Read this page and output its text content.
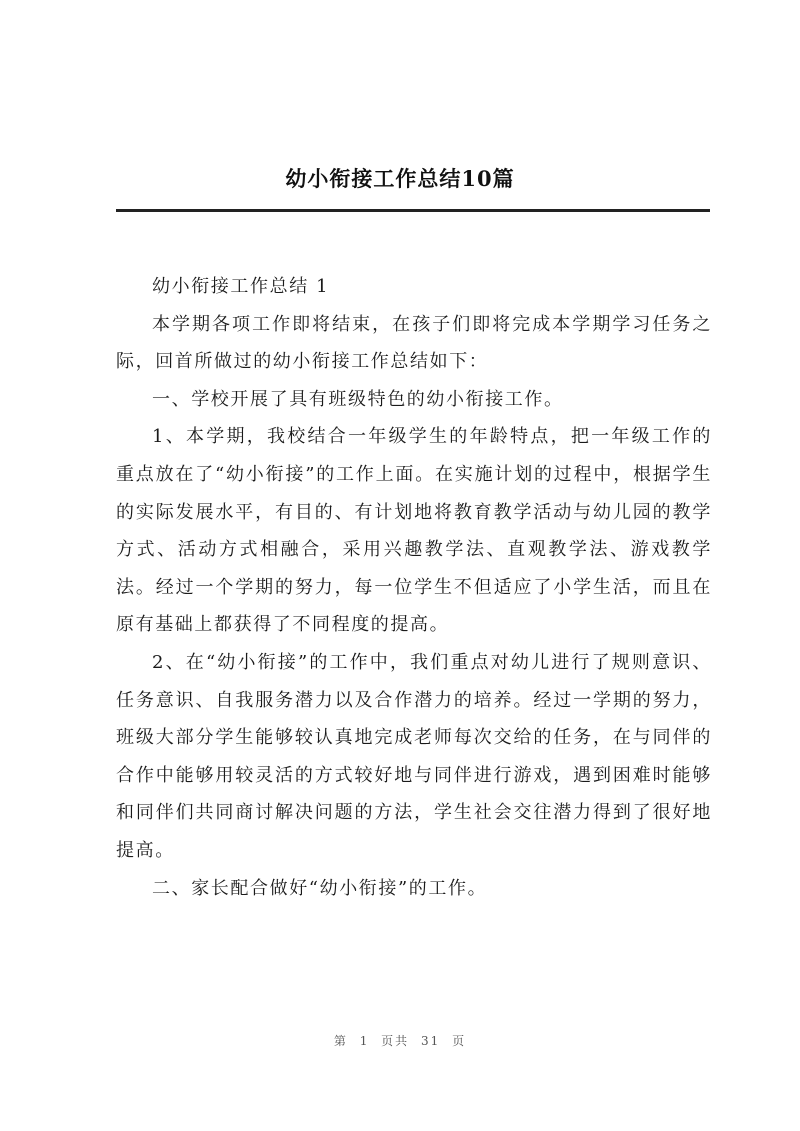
幼小衔接工作总结10篇

幼小衔接工作总结 1

本学期各项工作即将结束，在孩子们即将完成本学期学习任务之际，回首所做过的幼小衔接工作总结如下：

一、学校开展了具有班级特色的幼小衔接工作。

1、本学期，我校结合一年级学生的年龄特点，把一年级工作的重点放在了“幼小衔接”的工作上面。在实施计划的过程中，根据学生的实际发展水平，有目的、有计划地将教育教学活动与幼儿园的教学方式、活动方式相融合，采用兴趣教学法、直观教学法、游戏教学法。经过一个学期的努力，每一位学生不但适应了小学生活，而且在原有基础上都获得了不同程度的提高。

2、在“幼小衔接”的工作中，我们重点对幼儿进行了规则意识、任务意识、自我服务潜力以及合作潜力的培养。经过一学期的努力，班级大部分学生能够较认真地完成老师每次交给的任务，在与同伴的合作中能够用较灵活的方式较好地与同伴进行游戏，遇到困难时能够和同伴们共同商讨解决问题的方法，学生社会交往潜力得到了很好地提高。

二、家长配合做好“幼小衔接”的工作。

第 1 页共 31 页
